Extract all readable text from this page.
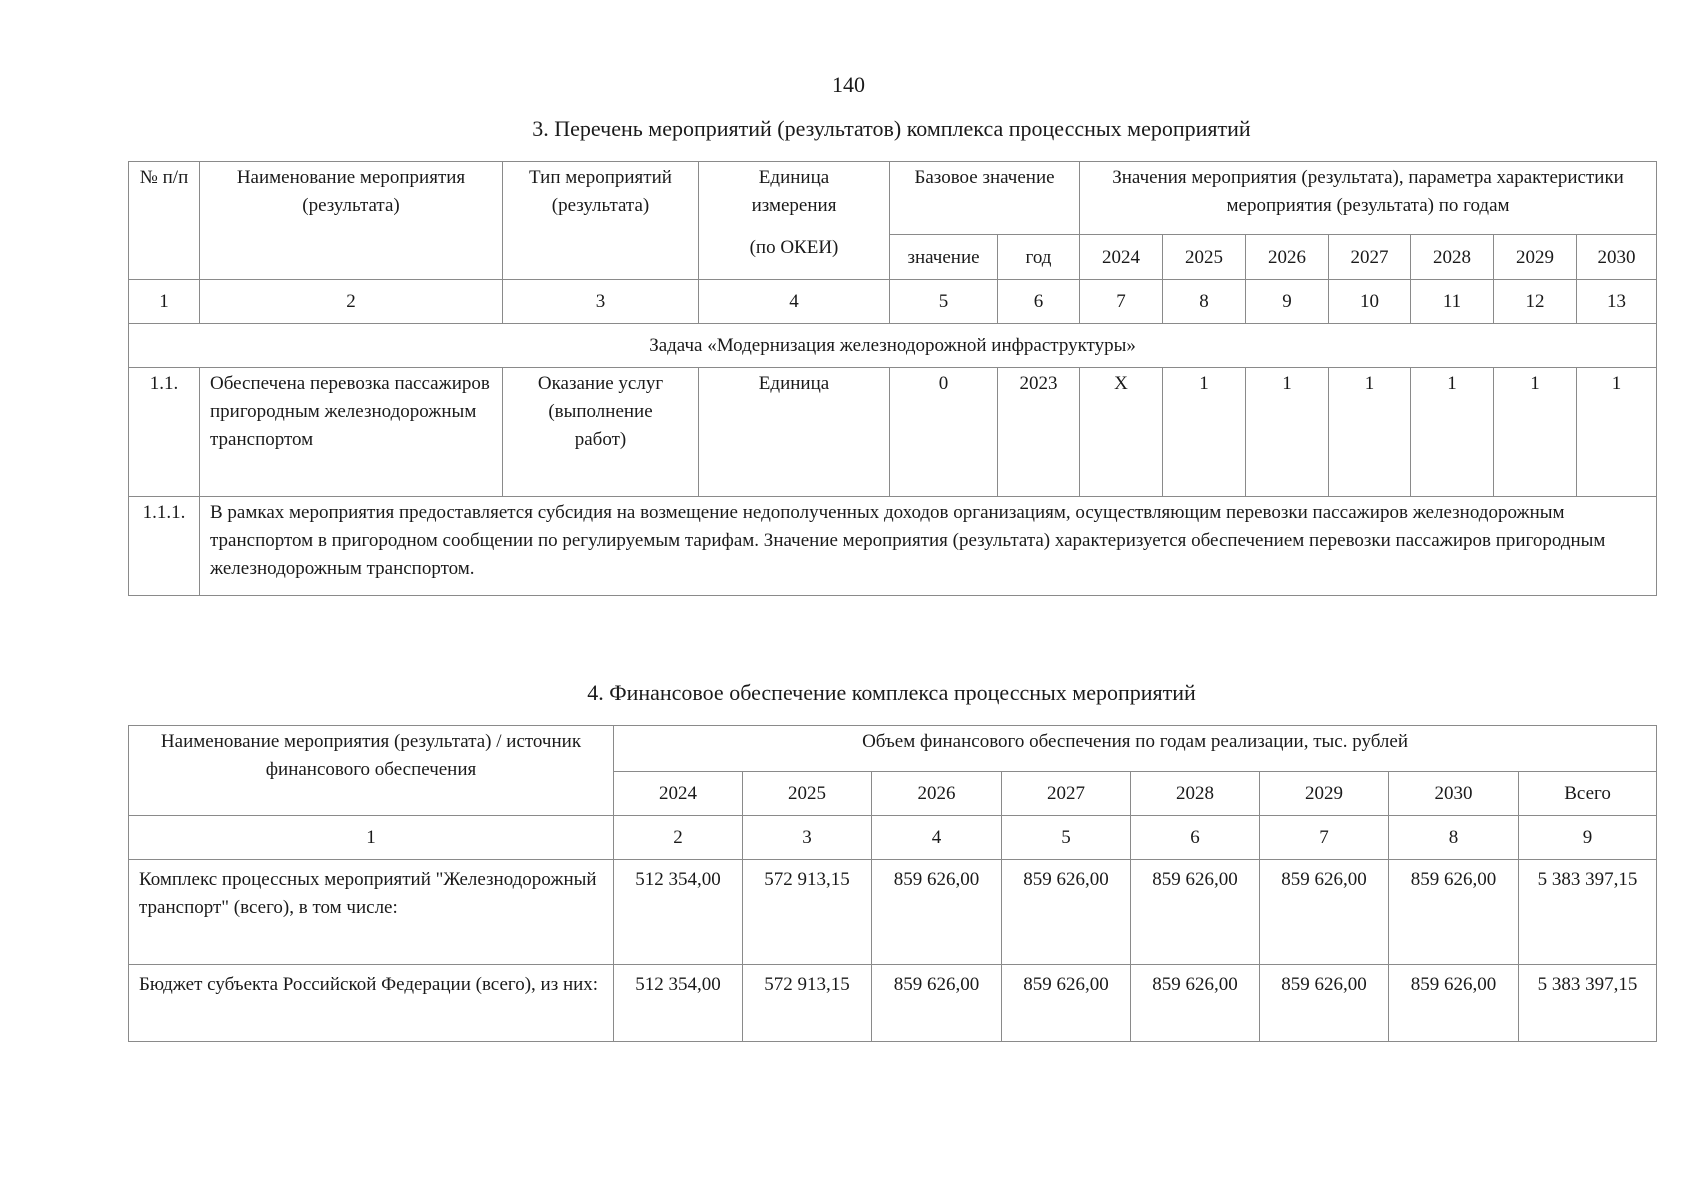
140
3. Перечень мероприятий (результатов) комплекса процессных мероприятий
№ п/п	Наименование мероприятия (результата)	Тип мероприятий (результата)	Единица измерения
(по ОКЕИ)	Базовое значение		Значения мероприятия (результата), параметра характеристики мероприятия (результата) по годам						
				значение	год	2024	2025	2026	2027	2028	2029	2030
1	2	3	4	5	6	7	8	9	10	11	12	13
Задача «Модернизация железнодорожной инфраструктуры»												
1.1.	Обеспечена перевозка пассажиров пригородным железнодорожным транспортом	Оказание услуг (выполнение работ)	Единица	0	2023	Х	1	1	1	1	1	1
1.1.1.	В рамках мероприятия предоставляется субсидия на возмещение недополученных доходов организациям, осуществляющим перевозки пассажиров железнодорожным транспортом в пригородном сообщении по регулируемым тарифам. Значение мероприятия (результата) характеризуется обеспечением перевозки пассажиров пригородным железнодорожным транспортом.											
4. Финансовое обеспечение комплекса процессных мероприятий
Наименование мероприятия (результата) / источник финансового обеспечения	Объем финансового обеспечения по годам реализации, тыс. рублей							
	2024	2025	2026	2027	2028	2029	2030	Всего
1	2	3	4	5	6	7	8	9
Комплекс процессных мероприятий "Железнодорожный транспорт" (всего), в том числе:	512 354,00	572 913,15	859 626,00	859 626,00	859 626,00	859 626,00	859 626,00	5 383 397,15
Бюджет субъекта Российской Федерации (всего), из них:	512 354,00	572 913,15	859 626,00	859 626,00	859 626,00	859 626,00	859 626,00	5 383 397,15
